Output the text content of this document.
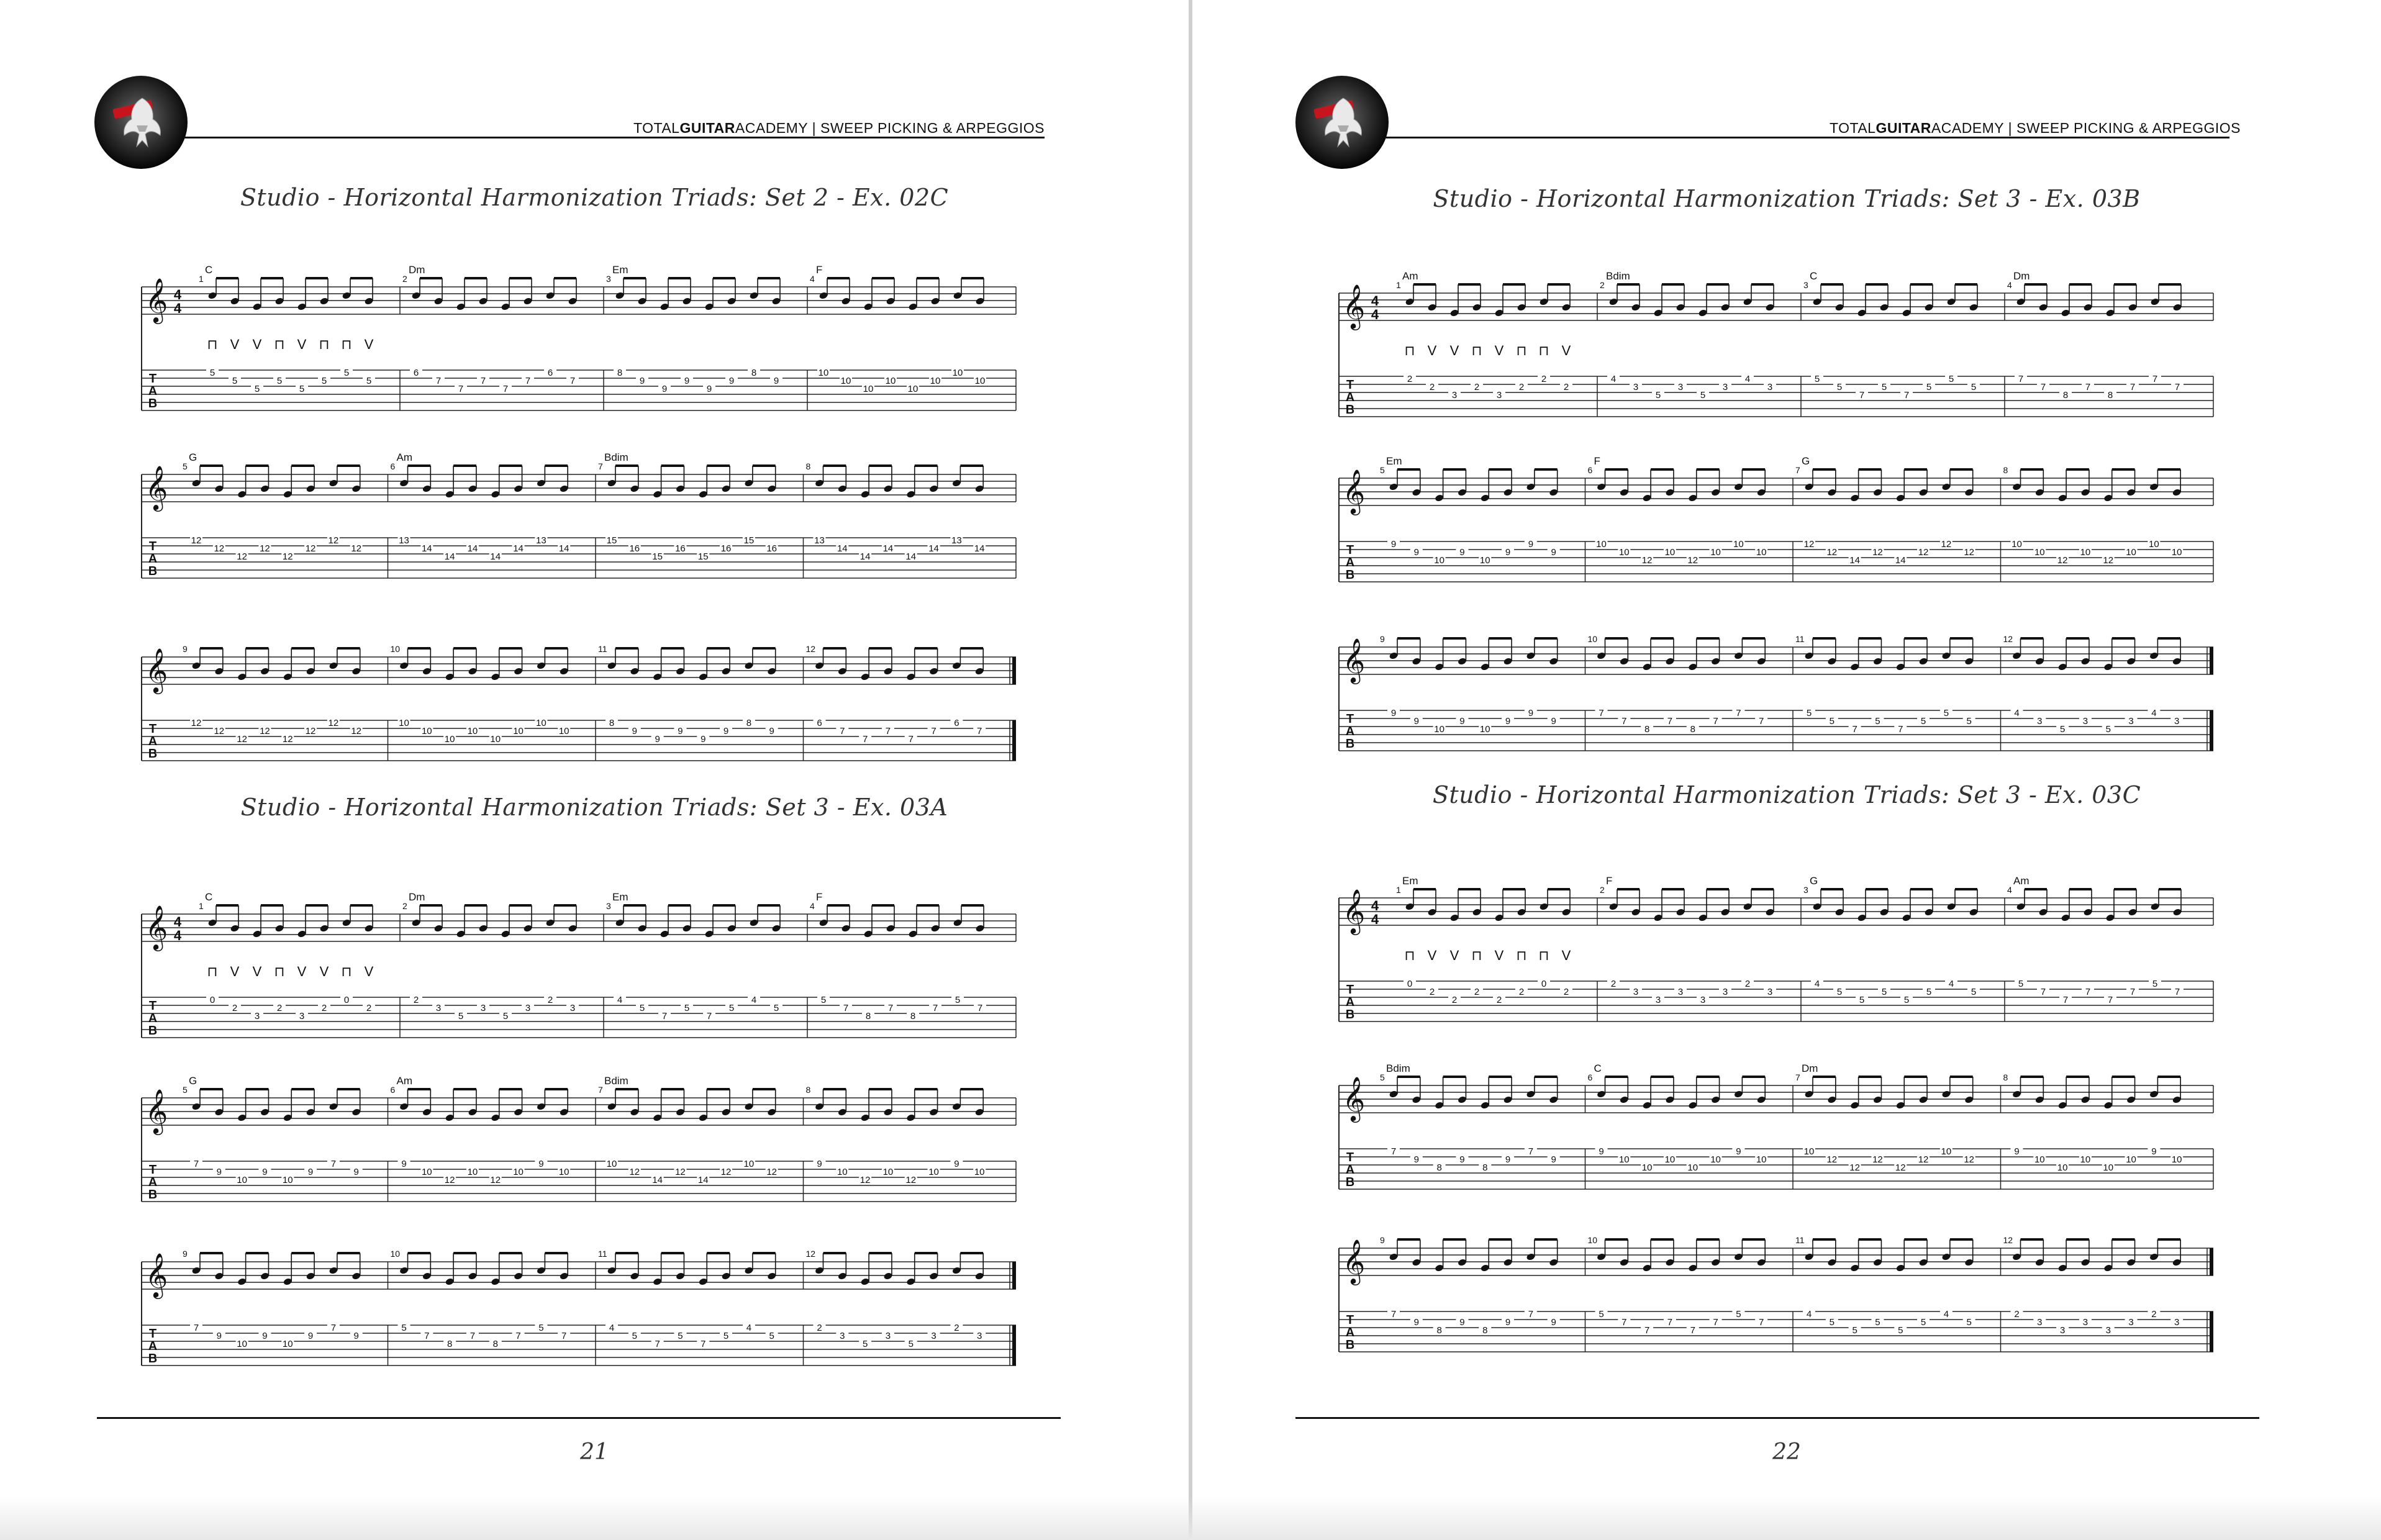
TOTALGUITARACADEMY | SWEEP PICKING & ARPEGGIOS
Studio - Horizontal Harmonization Triads: Set 2 - Ex. 02C
𝄞 4
4
T
A
B
1
C
5
5
5
5
5
5
5
5
2
Dm
6
7
7
7
7
7
6
7
3
Em
8
9
9
9
9
9
8
9
4
F
10
10
10
10
10
10
10
10
⊓ V V ⊓ V ⊓ ⊓ V
𝄞
T
A
B
5
G
12
12
12
12
12
12
12
12
6
Am
13
14
14
14
14
14
13
14
7
Bdim
15
16
15
16
15
16
15
16
8
13
14
14
14
14
14
13
14
𝄞
T
A
B
9
12
12
12
12
12
12
12
12
10
10
10
10
10
10
10
10
10
11
8
9
9
9
9
9
8
9
12
6
7
7
7
7
7
6
7
Studio - Horizontal Harmonization Triads: Set 3 - Ex. 03A
𝄞 4
4
T
A
B
1
C
0
2
3
2
3
2
0
2
2
Dm
2
3
5
3
5
3
2
3
3
Em
4
5
7
5
7
5
4
5
4
F
5
7
8
7
8
7
5
7
⊓ V V ⊓ V V ⊓ V
𝄞
T
A
B
5
G
7
9
10
9
10
9
7
9
6
Am
9
10
12
10
12
10
9
10
7
Bdim
10
12
14
12
14
12
10
12
8
9
10
12
10
12
10
9
10
𝄞
T
A
B
9
7
9
10
9
10
9
7
9
10
5
7
8
7
8
7
5
7
11
4
5
7
5
7
5
4
5
12
2
3
5
3
5
3
2
3
21
TOTALGUITARACADEMY | SWEEP PICKING & ARPEGGIOS
Studio - Horizontal Harmonization Triads: Set 3 - Ex. 03B
𝄞 4
4
T
A
B
1
Am
2
2
3
2
3
2
2
2
2
Bdim
4
3
5
3
5
3
4
3
3
C
5
5
7
5
7
5
5
5
4
Dm
7
7
8
7
8
7
7
7
⊓ V V ⊓ V ⊓ ⊓ V
𝄞
T
A
B
5
Em
9
9
10
9
10
9
9
9
6
F
10
10
12
10
12
10
10
10
7
G
12
12
14
12
14
12
12
12
8
10
10
12
10
12
10
10
10
𝄞
T
A
B
9
9
9
10
9
10
9
9
9
10
7
7
8
7
8
7
7
7
11
5
5
7
5
7
5
5
5
12
4
3
5
3
5
3
4
3
Studio - Horizontal Harmonization Triads: Set 3 - Ex. 03C
𝄞 4
4
T
A
B
1
Em
0
2
2
2
2
2
0
2
2
F
2
3
3
3
3
3
2
3
3
G
4
5
5
5
5
5
4
5
4
Am
5
7
7
7
7
7
5
7
⊓ V V ⊓ V ⊓ ⊓ V
𝄞
T
A
B
5
Bdim
7
9
8
9
8
9
7
9
6
C
9
10
10
10
10
10
9
10
7
Dm
10
12
12
12
12
12
10
12
8
9
10
10
10
10
10
9
10
𝄞
T
A
B
9
7
9
8
9
8
9
7
9
10
5
7
7
7
7
7
5
7
11
4
5
5
5
5
5
4
5
12
2
3
3
3
3
3
2
3
22
